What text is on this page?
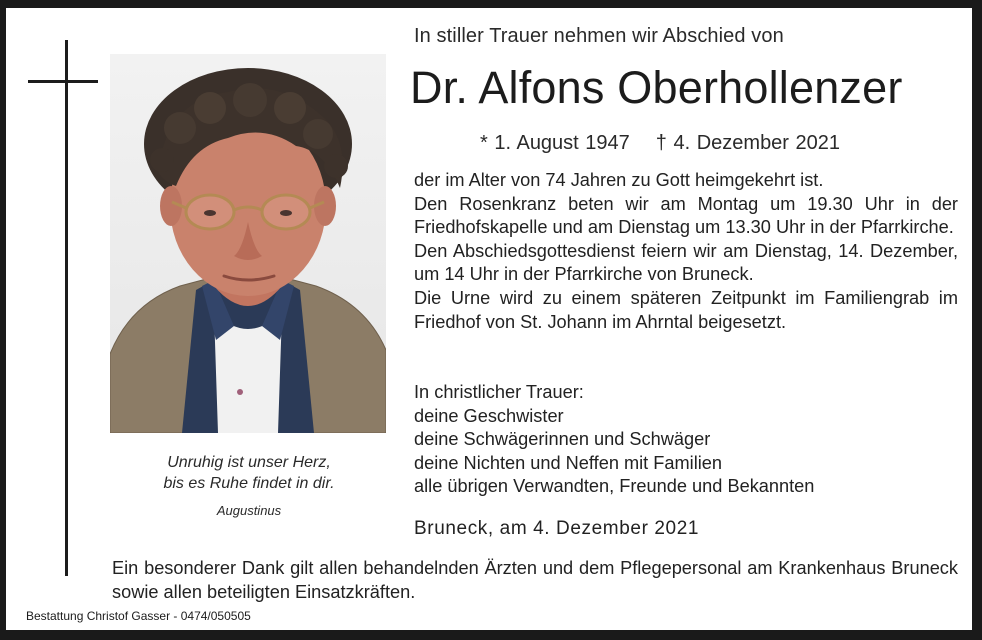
Unruhig ist unser Herz,
bis es Ruhe findet in dir.
Augustinus
In stiller Trauer nehmen wir Abschied von
Dr. Alfons Oberhollenzer
* 1. August 1947 † 4. Dezember 2021

der im Alter von 74 Jahren zu Gott heimgekehrt ist.

Den Rosenkranz beten wir am Montag um 19.30 Uhr in der Friedhofskapelle und am Dienstag um 13.30 Uhr in der Pfarrkirche.

Den Abschiedsgottesdienst feiern wir am Dienstag, 14. Dezember, um 14 Uhr in der Pfarrkirche von Bruneck.

Die Urne wird zu einem späteren Zeitpunkt im Familiengrab im Friedhof von St. Johann im Ahrntal beigesetzt.

In christlicher Trauer:
deine Geschwister
deine Schwägerinnen und Schwäger
deine Nichten und Neffen mit Familien
alle übrigen Verwandten, Freunde und Bekannten
Bruneck, am 4. Dezember 2021
Ein besonderer Dank gilt allen behandelnden Ärzten und dem Pflegepersonal am Krankenhaus Bruneck sowie allen beteiligten Einsatzkräften.
Bestattung Christof Gasser - 0474/050505
